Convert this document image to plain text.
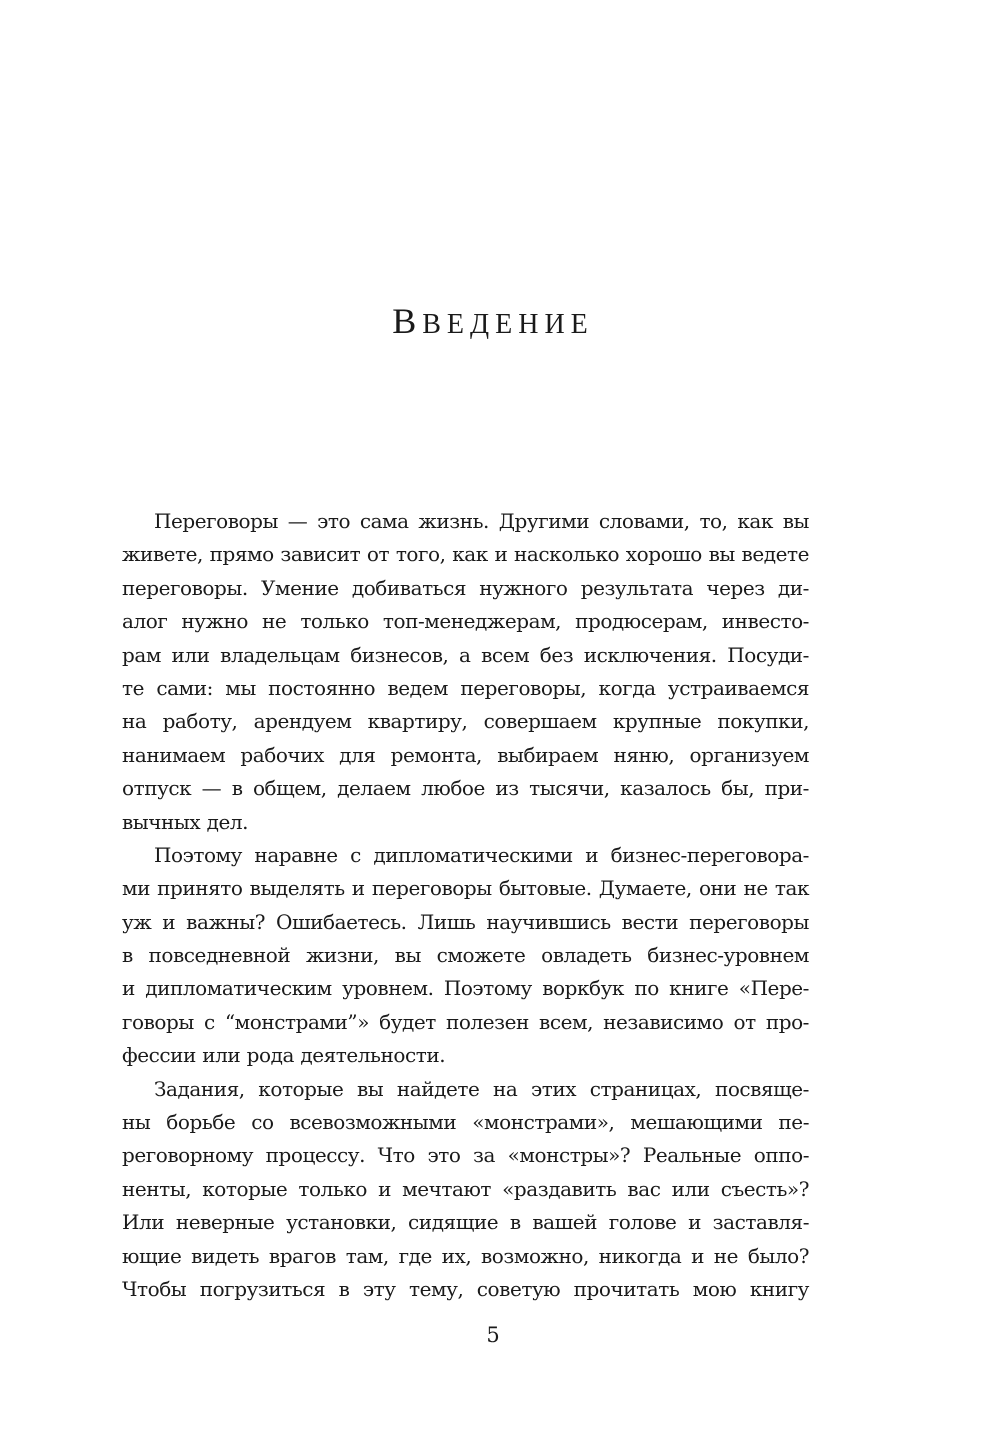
ВВЕДЕНИЕ
Переговоры — это сама жизнь. Другими словами, то, как вы
живете, прямо зависит от того, как и насколько хорошо вы ведете
переговоры. Умение добиваться нужного результата через ди-
алог нужно не только топ-менеджерам, продюсерам, инвесто-
рам или владельцам бизнесов, а всем без исключения. Посуди-
те сами: мы постоянно ведем переговоры, когда устраиваемся
на работу, арендуем квартиру, совершаем крупные покупки,
нанимаем рабочих для ремонта, выбираем няню, организуем
отпуск — в общем, делаем любое из тысячи, казалось бы, при-
вычных дел.
Поэтому наравне с дипломатическими и бизнес-переговора-
ми принято выделять и переговоры бытовые. Думаете, они не так
уж и важны? Ошибаетесь. Лишь научившись вести переговоры
в повседневной жизни, вы сможете овладеть бизнес-уровнем
и дипломатическим уровнем. Поэтому воркбук по книге «Пере-
говоры с “монстрами”» будет полезен всем, независимо от про-
фессии или рода деятельности.
Задания, которые вы найдете на этих страницах, посвяще-
ны борьбе со всевозможными «монстрами», мешающими пе-
реговорному процессу. Что это за «монстры»? Реальные оппо-
ненты, которые только и мечтают «раздавить вас или съесть»?
Или неверные установки, сидящие в вашей голове и заставля-
ющие видеть врагов там, где их, возможно, никогда и не было?
Чтобы погрузиться в эту тему, советую прочитать мою книгу
5
